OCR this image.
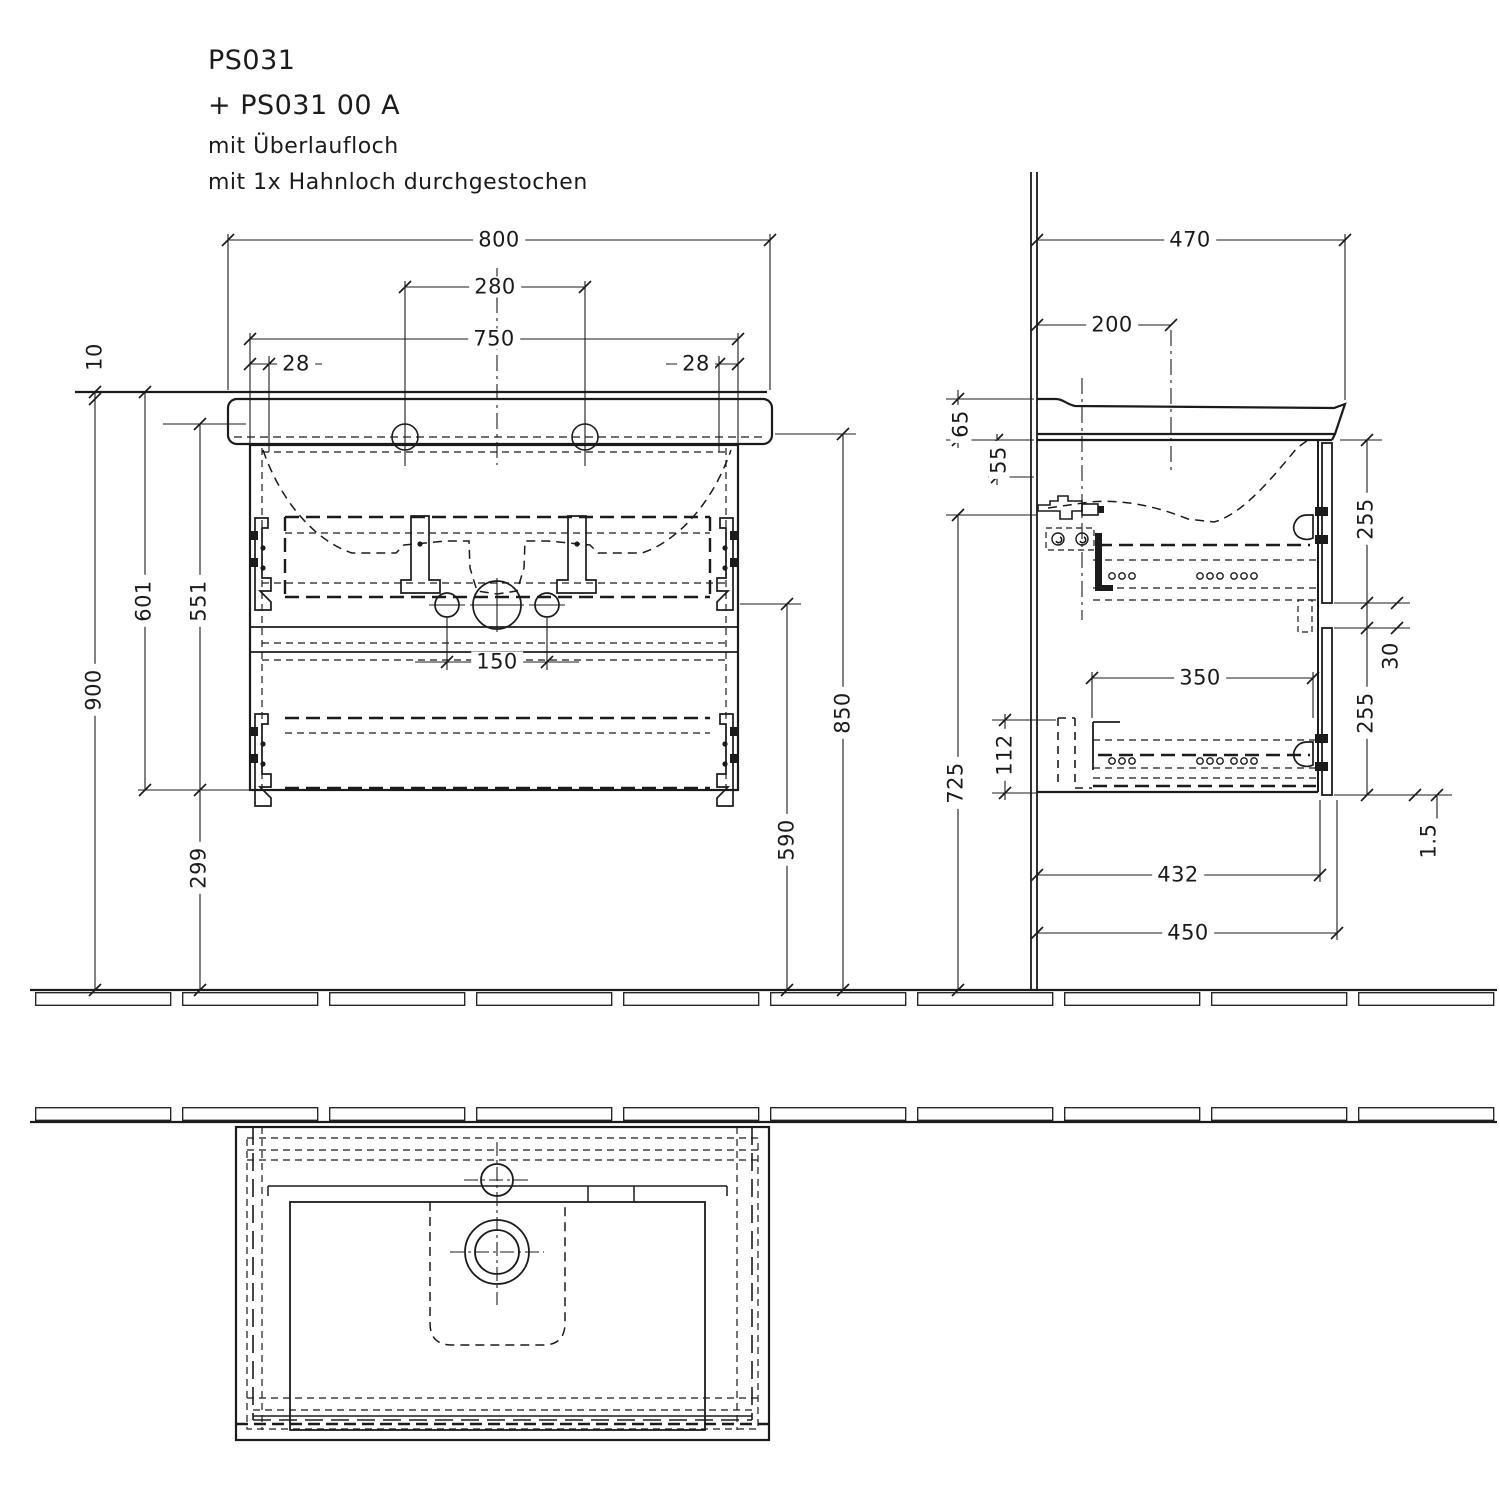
PS031
+ PS031 00 A
mit Überlaufloch
mit 1x Hahnloch durchgestochen
800
280
750
28	28
10
900
601 551
299
850
590
150
470
200
65
55
725
112
255
30
255
1.5
350
432
450
